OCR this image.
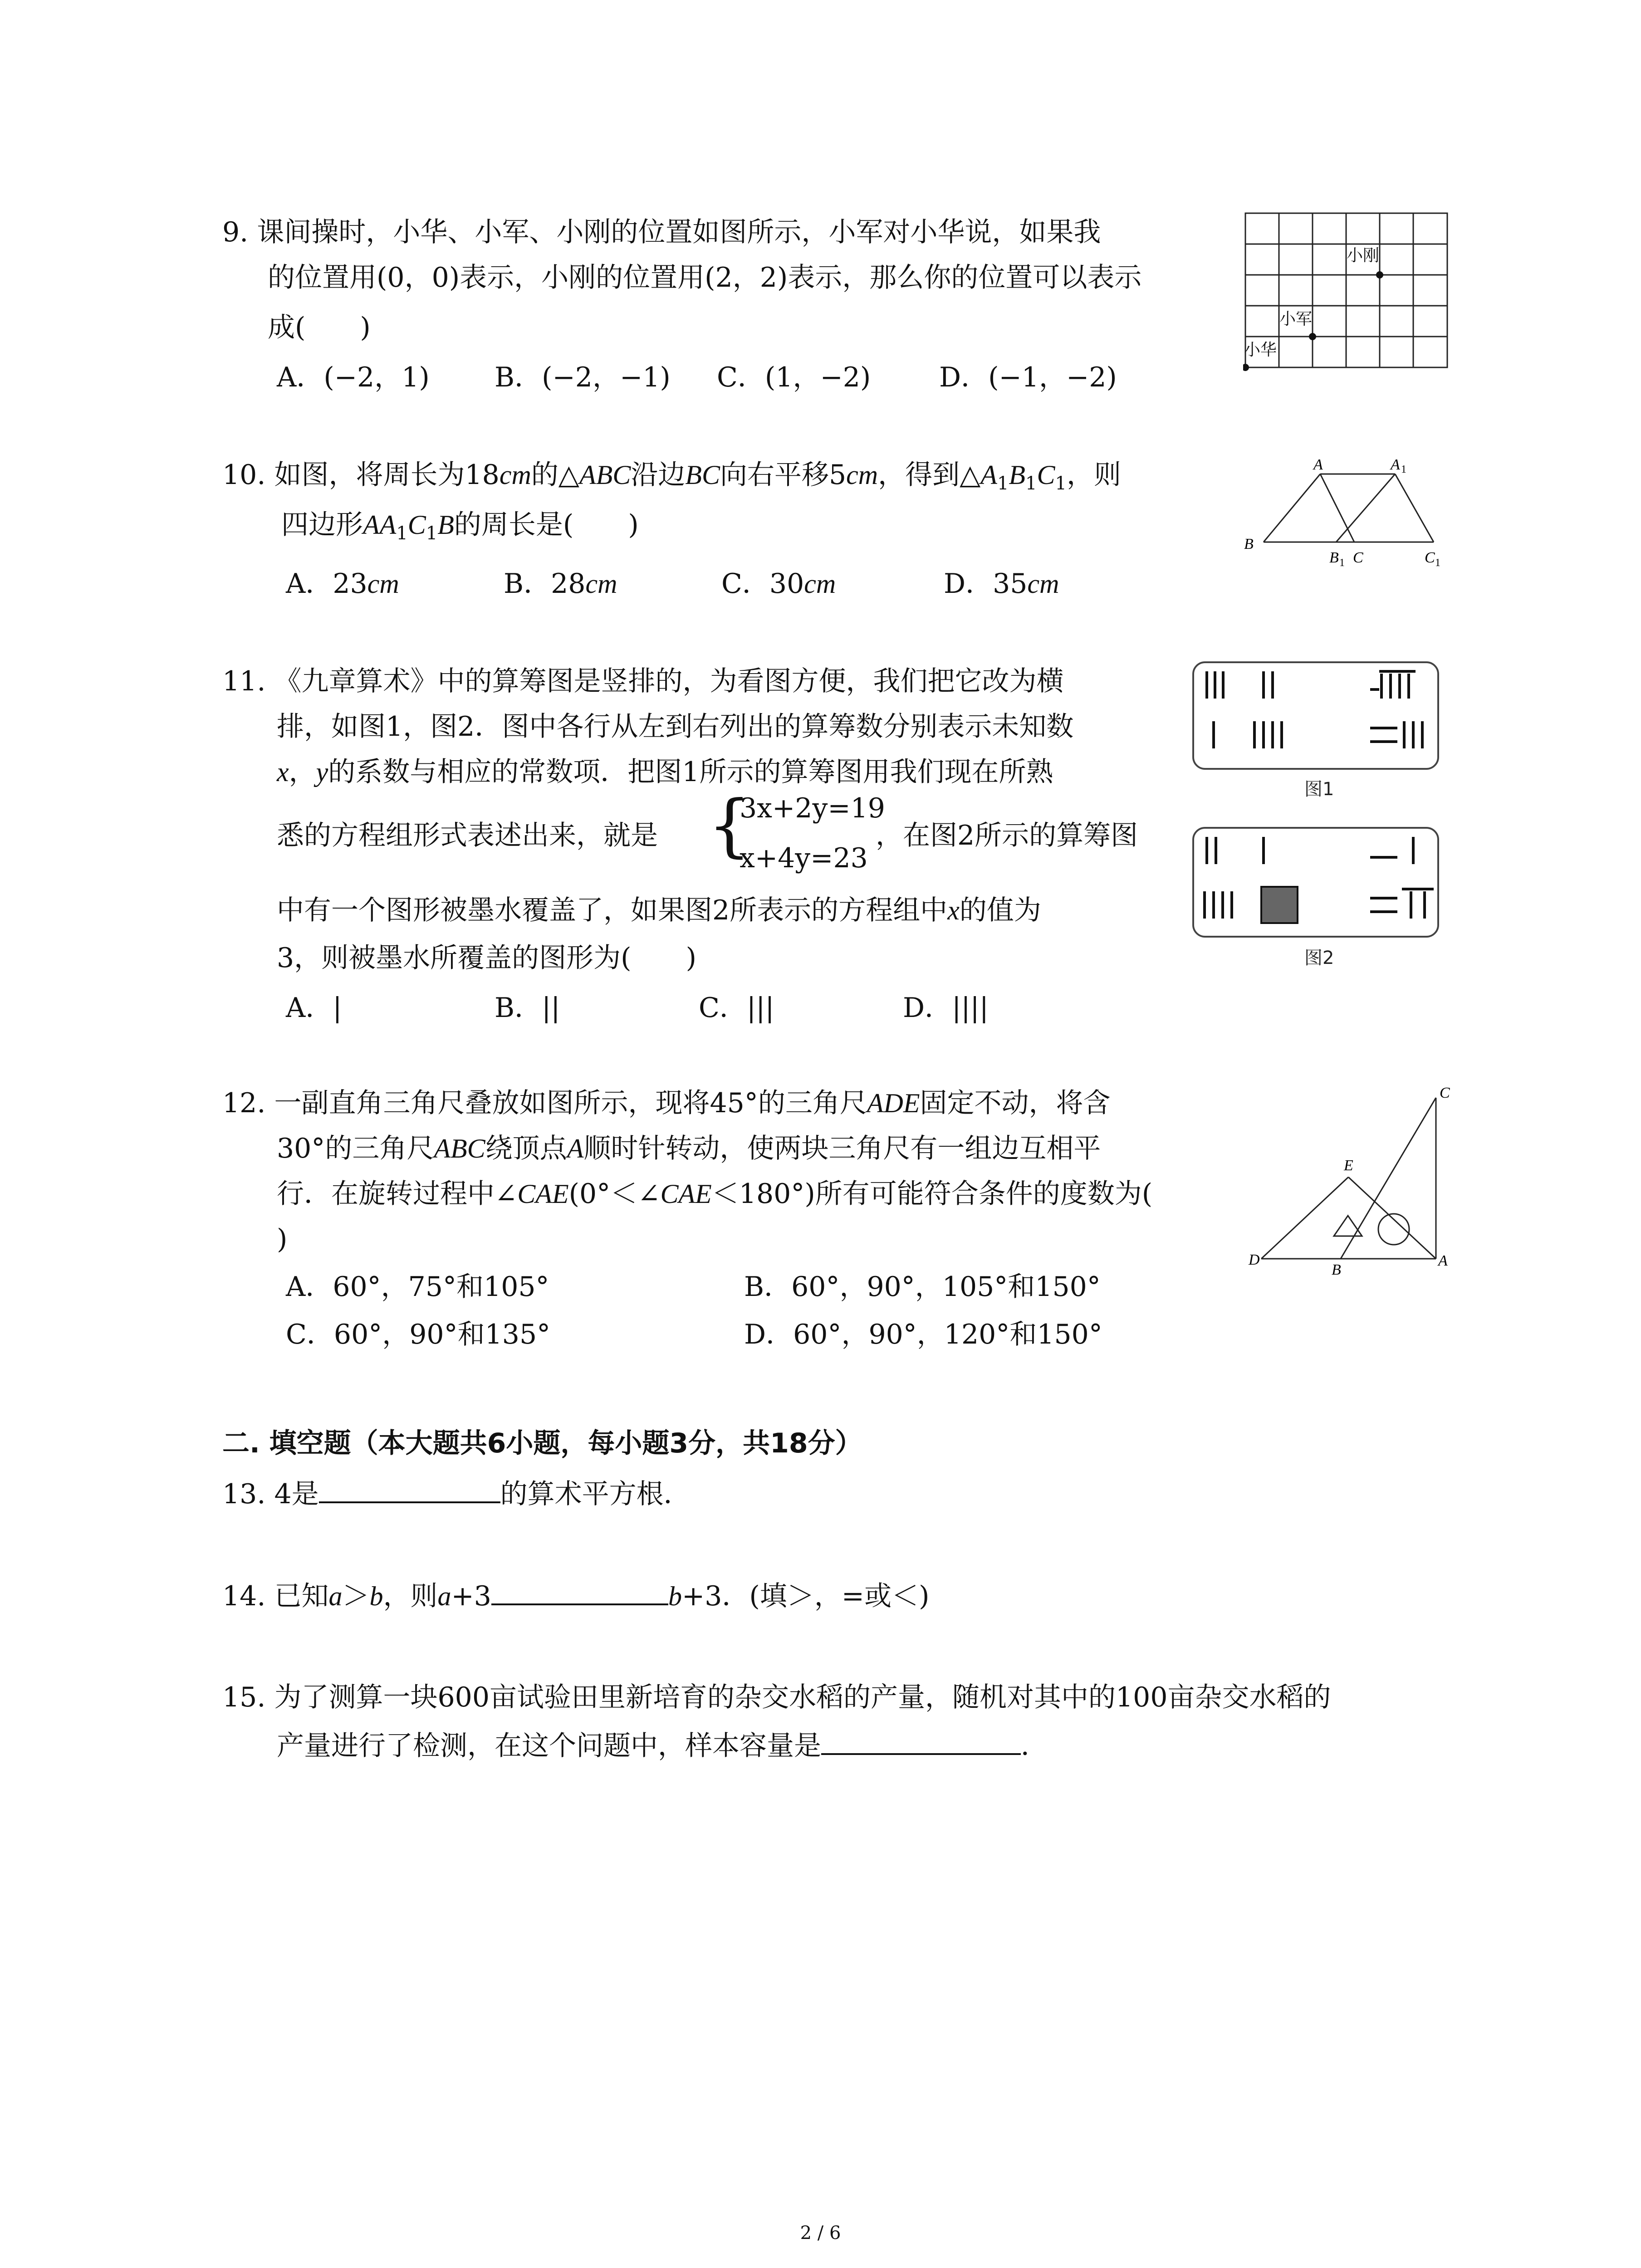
9. 课间操时，小华、小军、小刚的位置如图所示，小军对小华说，如果我
的位置用(0，0)表示，小刚的位置用(2，2)表示，那么你的位置可以表示
成(　　)
A．(−2，1) B．(−2，−1) C．(1，−2)	D．(−1，−2)
小刚
小军
小华
10. 如图，将周长为18cm的△ABC沿边BC向右平移5cm，得到$\triangle A_1B_1C_1$，则
四边形$AA_1C_1B$的周长是(　　)
A．23cm	B．28cm	C．30cm	D．35cm
A	A 1
B
B 1 C	C 1
11. 《九章算术》中的算筹图是竖排的，为看图方便，我们把它改为横
排，如图1，图2．图中各行从左到右列出的算筹数分别表示未知数
x，y的系数与相应的常数项．把图1所示的算筹图用我们现在所熟
悉的方程组形式表述出来，就是 {
3x+2y=19
x+4y=23
，在图2所示的算筹图
中有一个图形被墨水覆盖了，如果图2所表示的方程组中x的值为
3，则被墨水所覆盖的图形为(　　)
A．|	B．||	C．|||	D．||||
图1
图2
12. 一副直角三角尺叠放如图所示，现将45°的三角尺ADE固定不动，将含
30°的三角尺ABC绕顶点A顺时针转动，使两块三角尺有一组边互相平
行．在旋转过程中∠CAE(0°＜∠CAE＜180°)所有可能符合条件的度数为(
)
A．60°，75°和105°	B．60°，90°，105°和150°
C．60°，90°和135°	D．60°，90°，120°和150°
C
E
D
B
A
二. 填空题（本大题共6小题，每小题3分，共18分）
13. 4是	的算术平方根．
14. 已知a＞b，则a+3	b+3．(填＞，=或＜)
15. 为了测算一块600亩试验田里新培育的杂交水稻的产量，随机对其中的100亩杂交水稻的
产量进行了检测，在这个问题中，样本容量是	．
2 / 6
